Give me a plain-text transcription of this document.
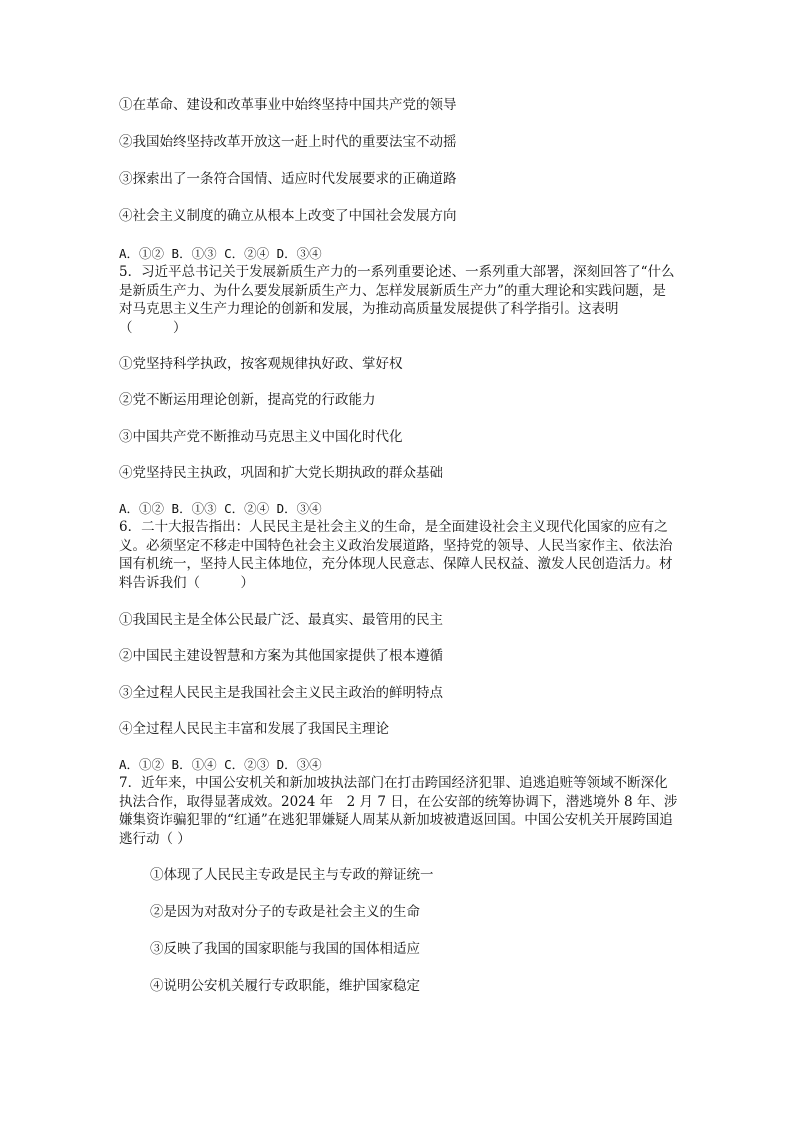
①在革命、建设和改革事业中始终坚持中国共产党的领导
②我国始终坚持改革开放这一赶上时代的重要法宝不动摇
③探索出了一条符合国情、适应时代发展要求的正确道路
④社会主义制度的确立从根本上改变了中国社会发展方向
A．①② B．①③ C．②④ D．③④
5．习近平总书记关于发展新质生产力的一系列重要论述、一系列重大部署，深刻回答了“什么是新质生产力、为什么要发展新质生产力、怎样发展新质生产力”的重大理论和实践问题，是对马克思主义生产力理论的创新和发展，为推动高质量发展提供了科学指引。这表明（　　　）
①党坚持科学执政，按客观规律执好政、掌好权
②党不断运用理论创新，提高党的行政能力
③中国共产党不断推动马克思主义中国化时代化
④党坚持民主执政，巩固和扩大党长期执政的群众基础
A．①② B．①③ C．②④ D．③④
6．二十大报告指出：人民民主是社会主义的生命，是全面建设社会主义现代化国家的应有之义。必须坚定不移走中国特色社会主义政治发展道路，坚持党的领导、人民当家作主、依法治国有机统一，坚持人民主体地位，充分体现人民意志、保障人民权益、激发人民创造活力。材料告诉我们（　　　）
①我国民主是全体公民最广泛、最真实、最管用的民主
②中国民主建设智慧和方案为其他国家提供了根本遵循
③全过程人民民主是我国社会主义民主政治的鲜明特点
④全过程人民民主丰富和发展了我国民主理论
A．①② B．①④ C．②③ D．③④
7．近年来，中国公安机关和新加坡执法部门在打击跨国经济犯罪、追逃追赃等领域不断深化执法合作，取得显著成效。2024 年　2 月 7 日，在公安部的统筹协调下，潜逃境外 8 年、涉嫌集资诈骗犯罪的“红通”在逃犯罪嫌疑人周某从新加坡被遣返回国。中国公安机关开展跨国追逃行动（ ）
①体现了人民民主专政是民主与专政的辩证统一
②是因为对敌对分子的专政是社会主义的生命
③反映了我国的国家职能与我国的国体相适应
④说明公安机关履行专政职能，维护国家稳定
